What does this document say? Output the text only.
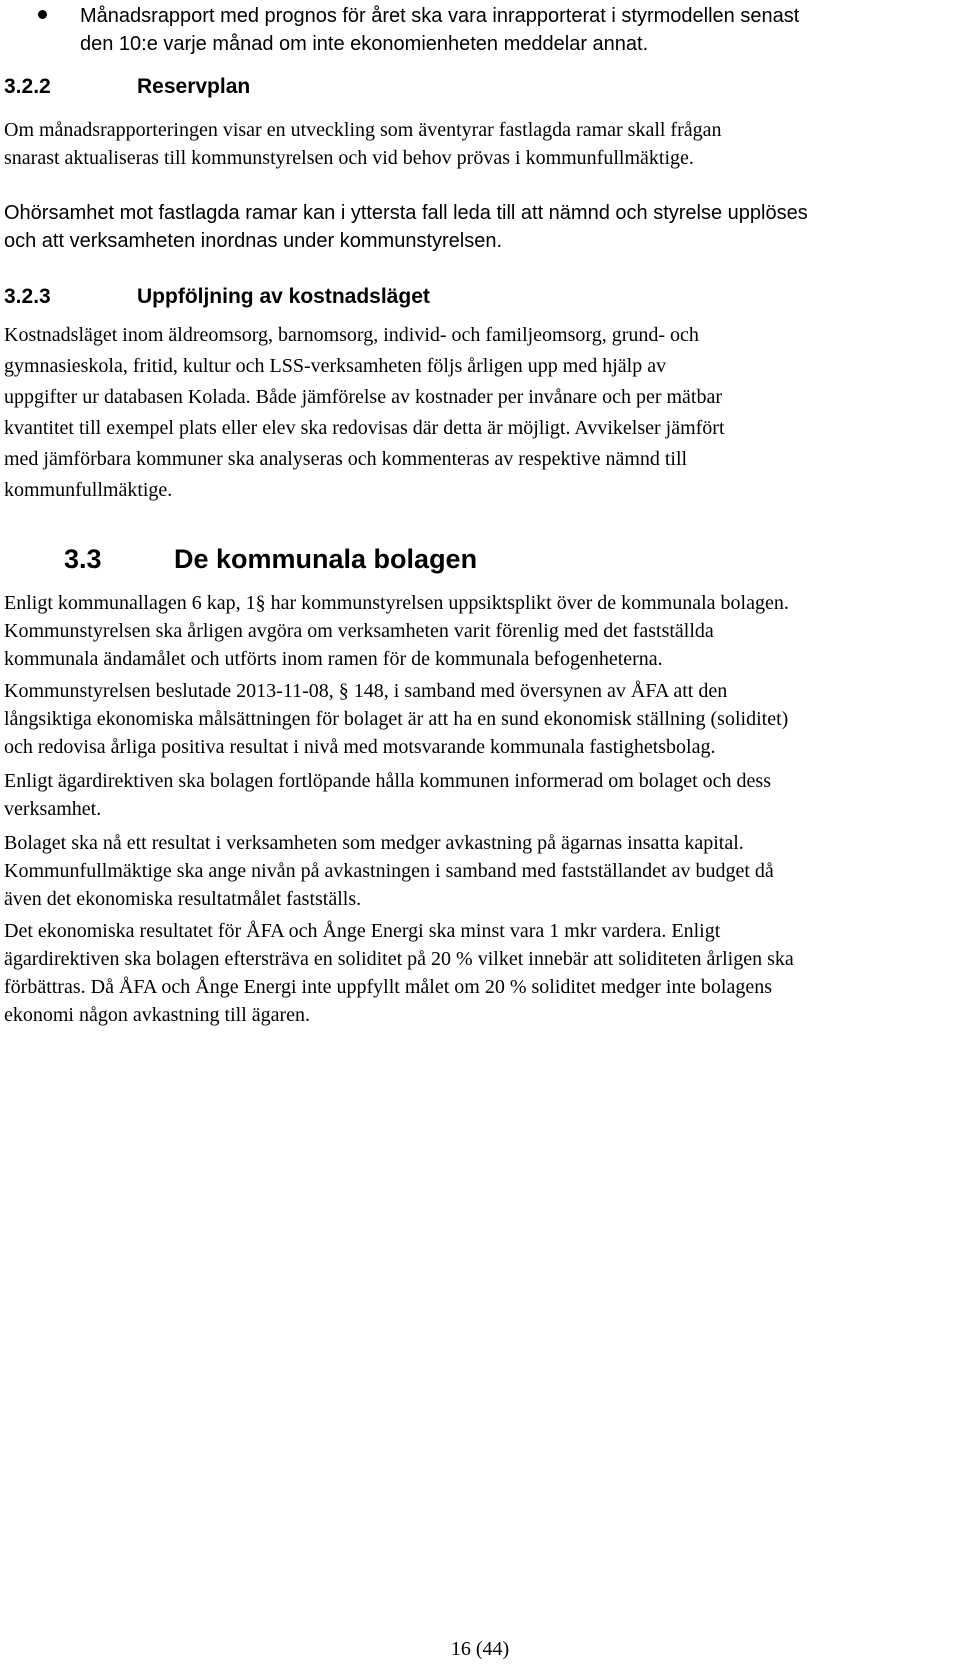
Månadsrapport med prognos för året ska vara inrapporterat i styrmodellen senast
den 10:e varje månad om inte ekonomienheten meddelar annat.
3.2.2	Reservplan

Om månadsrapporteringen visar en utveckling som äventyrar fastlagda ramar skall frågan
snarast aktualiseras till kommunstyrelsen och vid behov prövas i kommunfullmäktige.

Ohörsamhet mot fastlagda ramar kan i yttersta fall leda till att nämnd och styrelse upplöses
och att verksamheten inordnas under kommunstyrelsen.

3.2.3	Uppföljning av kostnadsläget

Kostnadsläget inom äldreomsorg, barnomsorg, individ- och familjeomsorg, grund- och
gymnasieskola, fritid, kultur och LSS-verksamheten följs årligen upp med hjälp av
uppgifter ur databasen Kolada. Både jämförelse av kostnader per invånare och per mätbar
kvantitet till exempel plats eller elev ska redovisas där detta är möjligt. Avvikelser jämfört
med jämförbara kommuner ska analyseras och kommenteras av respektive nämnd till
kommunfullmäktige.

3.3	De kommunala bolagen

Enligt kommunallagen 6 kap, 1§ har kommunstyrelsen uppsiktsplikt över de kommunala bolagen.
Kommunstyrelsen ska årligen avgöra om verksamheten varit förenlig med det fastställda
kommunala ändamålet och utförts inom ramen för de kommunala befogenheterna.

Kommunstyrelsen beslutade 2013-11-08, § 148, i samband med översynen av ÅFA att den
långsiktiga ekonomiska målsättningen för bolaget är att ha en sund ekonomisk ställning (soliditet)
och redovisa årliga positiva resultat i nivå med motsvarande kommunala fastighetsbolag.

Enligt ägardirektiven ska bolagen fortlöpande hålla kommunen informerad om bolaget och dess
verksamhet.

Bolaget ska nå ett resultat i verksamheten som medger avkastning på ägarnas insatta kapital.
Kommunfullmäktige ska ange nivån på avkastningen i samband med fastställandet av budget då
även det ekonomiska resultatmålet fastställs.

Det ekonomiska resultatet för ÅFA och Ånge Energi ska minst vara 1 mkr vardera. Enligt
ägardirektiven ska bolagen eftersträva en soliditet på 20 % vilket innebär att soliditeten årligen ska
förbättras. Då ÅFA och Ånge Energi inte uppfyllt målet om 20 % soliditet medger inte bolagens
ekonomi någon avkastning till ägaren.

16 (44)
